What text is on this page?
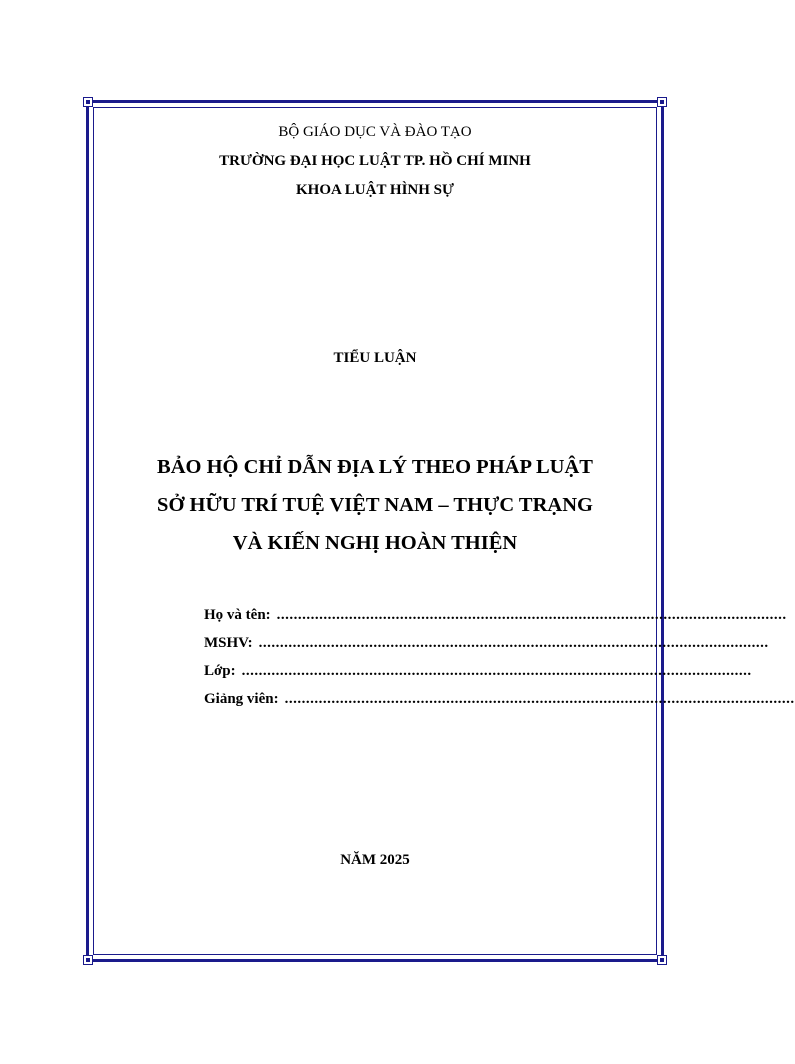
BỘ GIÁO DỤC VÀ ĐÀO TẠO
TRƯỜNG ĐẠI HỌC LUẬT TP. HỒ CHÍ MINH
KHOA LUẬT HÌNH SỰ
TIỂU LUẬN
BẢO HỘ CHỈ DẪN ĐỊA LÝ THEO PHÁP LUẬT
SỞ HỮU TRÍ TUỆ VIỆT NAM – THỰC TRẠNG
VÀ KIẾN NGHỊ HOÀN THIỆN
Họ và tên: ........................................................................................................................
MSHV: ........................................................................................................................
Lớp: ........................................................................................................................
Giảng viên: ........................................................................................................................
NĂM 2025
